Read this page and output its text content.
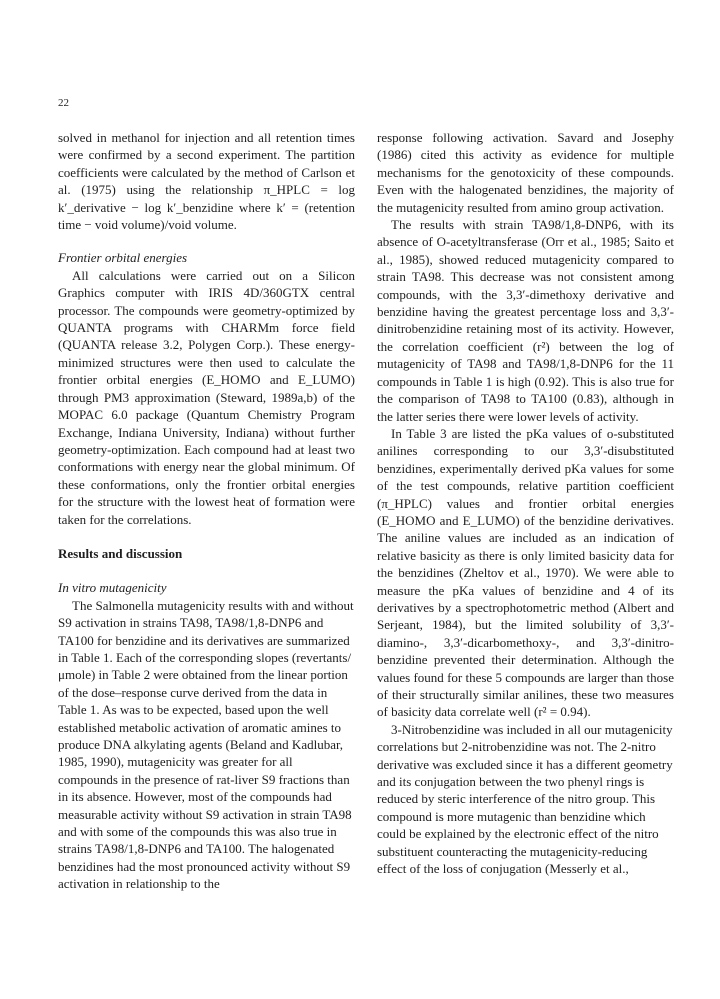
22

solved in methanol for injection and all retention times were confirmed by a second experiment. The partition coefficients were calculated by the method of Carlson et al. (1975) using the relationship π_HPLC = log k′_derivative − log k′_benzidine where k′ = (retention time − void volume)/void volume.

Frontier orbital energies

All calculations were carried out on a Silicon Graphics computer with IRIS 4D/360GTX central processor. The compounds were geometry-optimized by QUANTA programs with CHARMm force field (QUANTA release 3.2, Polygen Corp.). These energy-minimized structures were then used to calculate the frontier orbital energies (E_HOMO and E_LUMO) through PM3 approximation (Steward, 1989a,b) of the MOPAC 6.0 package (Quantum Chemistry Program Exchange, Indiana University, Indiana) without further geometry-optimization. Each compound had at least two conformations with energy near the global minimum. Of these conformations, only the frontier orbital energies for the structure with the lowest heat of formation were taken for the correlations.

Results and discussion

In vitro mutagenicity

The Salmonella mutagenicity results with and without S9 activation in strains TA98, TA98/1,8-DNP6 and TA100 for benzidine and its derivatives are summarized in Table 1. Each of the corresponding slopes (revertants/μmole) in Table 2 were obtained from the linear portion of the dose–response curve derived from the data in Table 1. As was to be expected, based upon the well established metabolic activation of aromatic amines to produce DNA alkylating agents (Beland and Kadlubar, 1985, 1990), mutagenicity was greater for all compounds in the presence of rat-liver S9 fractions than in its absence. However, most of the compounds had measurable activity without S9 activation in strain TA98 and with some of the compounds this was also true in strains TA98/1,8-DNP6 and TA100. The halogenated benzidines had the most pronounced activity without S9 activation in relationship to the

response following activation. Savard and Josephy (1986) cited this activity as evidence for multiple mechanisms for the genotoxicity of these compounds. Even with the halogenated benzidines, the majority of the mutagenicity resulted from amino group activation.

The results with strain TA98/1,8-DNP6, with its absence of O-acetyltransferase (Orr et al., 1985; Saito et al., 1985), showed reduced mutagenicity compared to strain TA98. This decrease was not consistent among compounds, with the 3,3′-dimethoxy derivative and benzidine having the greatest percentage loss and 3,3′-dinitrobenzidine retaining most of its activity. However, the correlation coefficient (r²) between the log of mutagenicity of TA98 and TA98/1,8-DNP6 for the 11 compounds in Table 1 is high (0.92). This is also true for the comparison of TA98 to TA100 (0.83), although in the latter series there were lower levels of activity.

In Table 3 are listed the pKa values of o-substituted anilines corresponding to our 3,3′-disubstituted benzidines, experimentally derived pKa values for some of the test compounds, relative partition coefficient (π_HPLC) values and frontier orbital energies (E_HOMO and E_LUMO) of the benzidine derivatives. The aniline values are included as an indication of relative basicity as there is only limited basicity data for the benzidines (Zheltov et al., 1970). We were able to measure the pKa values of benzidine and 4 of its derivatives by a spectrophotometric method (Albert and Serjeant, 1984), but the limited solubility of 3,3′-diamino-, 3,3′-dicarbomethoxy-, and 3,3′-dinitro-benzidine prevented their determination. Although the values found for these 5 compounds are larger than those of their structurally similar anilines, these two measures of basicity data correlate well (r² = 0.94).

3-Nitrobenzidine was included in all our mutagenicity correlations but 2-nitrobenzidine was not. The 2-nitro derivative was excluded since it has a different geometry and its conjugation between the two phenyl rings is reduced by steric interference of the nitro group. This compound is more mutagenic than benzidine which could be explained by the electronic effect of the nitro substituent counteracting the mutagenicity-reducing effect of the loss of conjugation (Messerly et al.,
